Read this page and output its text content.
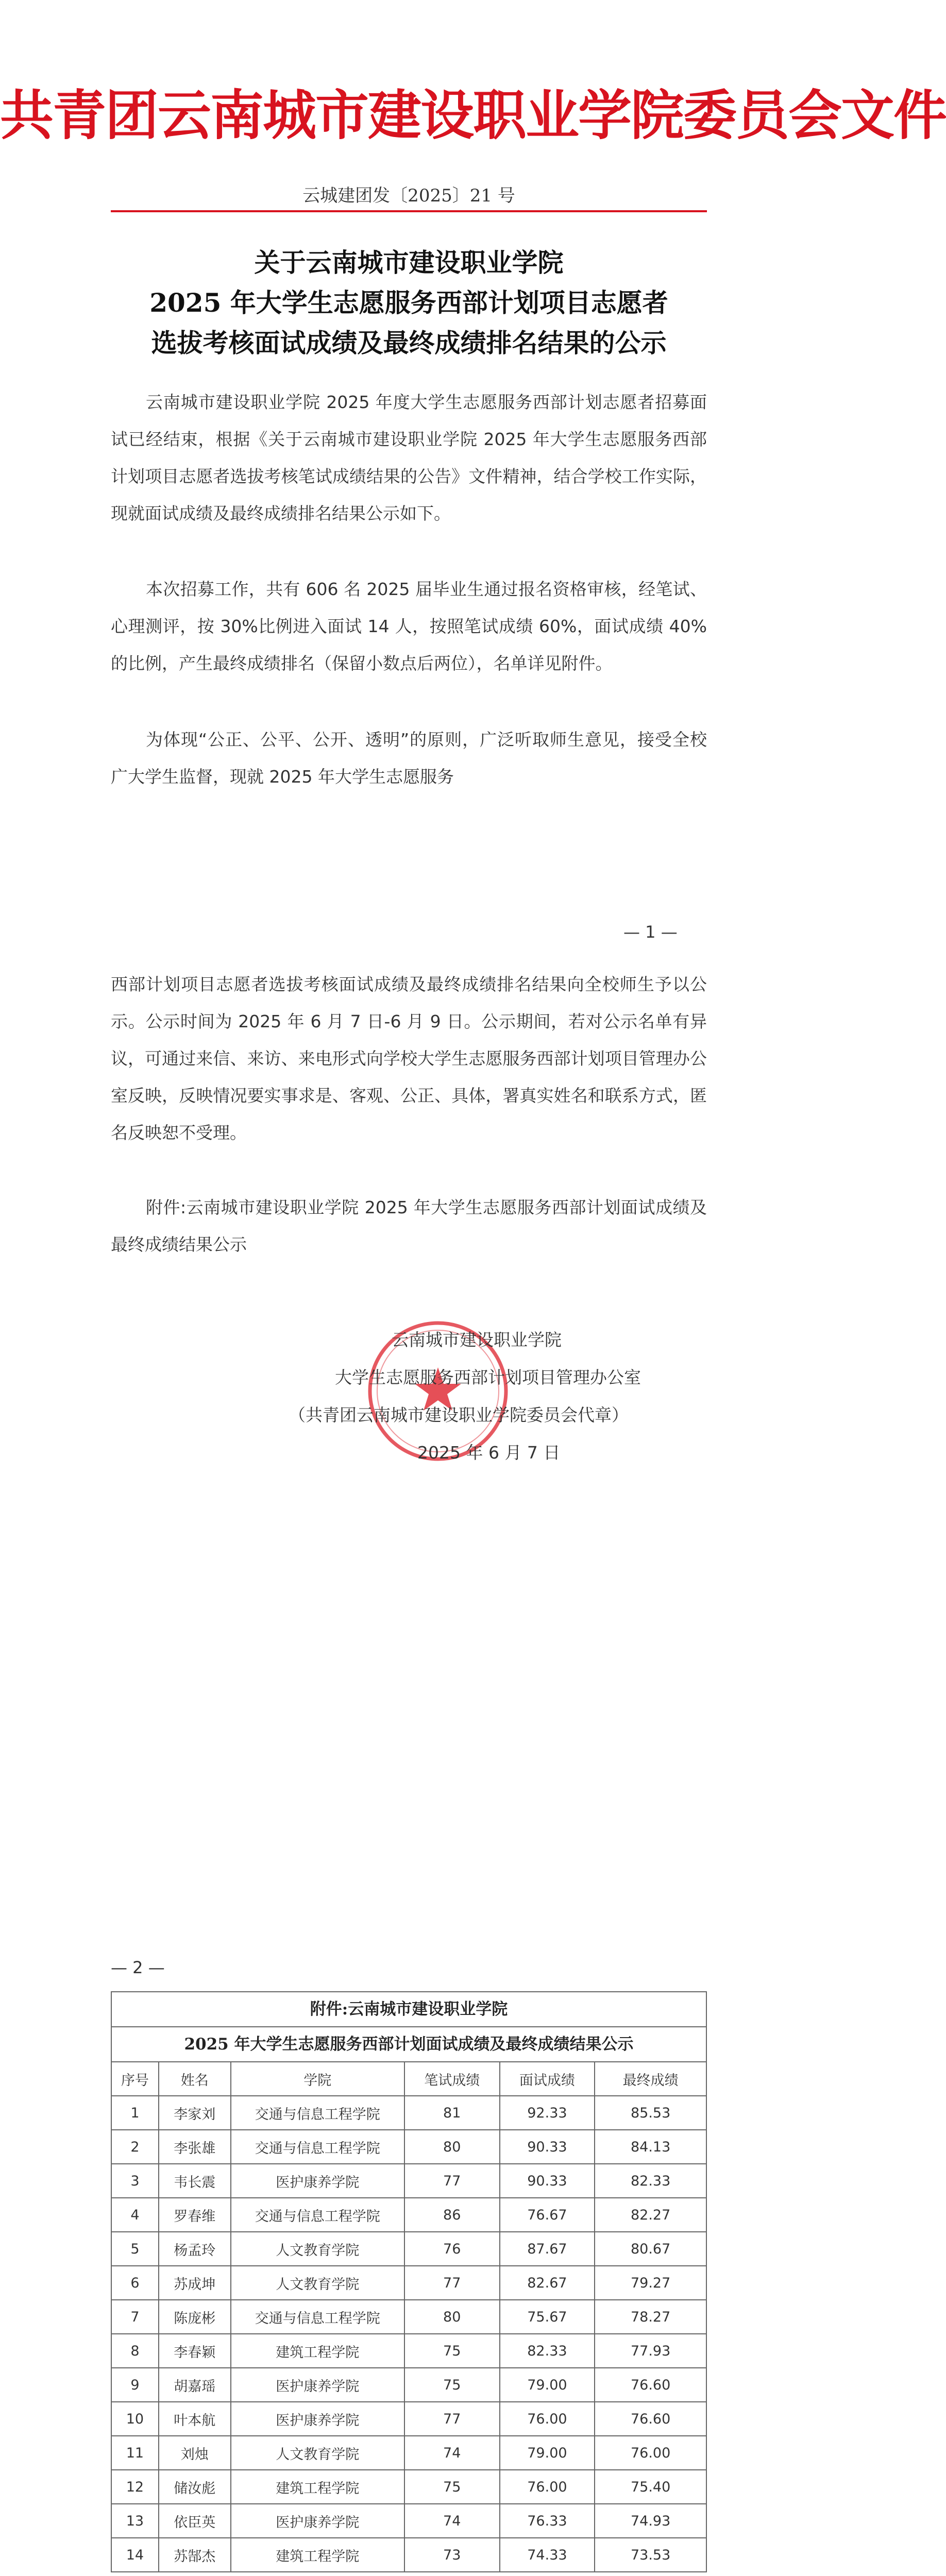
共青团云南城市建设职业学院委员会文件
云城建团发〔2025〕21 号
关于云南城市建设职业学院
2025 年大学生志愿服务西部计划项目志愿者
选拔考核面试成绩及最终成绩排名结果的公示
云南城市建设职业学院 2025 年度大学生志愿服务西部计划志愿者招募面试已经结束，根据《关于云南城市建设职业学院 2025 年大学生志愿服务西部计划项目志愿者选拔考核笔试成绩结果的公告》文件精神，结合学校工作实际，现就面试成绩及最终成绩排名结果公示如下。
本次招募工作，共有 606 名 2025 届毕业生通过报名资格审核，经笔试、心理测评，按 30%比例进入面试 14 人，按照笔试成绩 60%，面试成绩 40%的比例，产生最终成绩排名（保留小数点后两位），名单详见附件。
为体现“公正、公平、公开、透明”的原则，广泛听取师生意见，接受全校广大学生监督，现就 2025 年大学生志愿服务
— 1 —
西部计划项目志愿者选拔考核面试成绩及最终成绩排名结果向全校师生予以公示。公示时间为 2025 年 6 月 7 日-6 月 9 日。公示期间，若对公示名单有异议，可通过来信、来访、来电形式向学校大学生志愿服务西部计划项目管理办公室反映，反映情况要实事求是、客观、公正、具体，署真实姓名和联系方式，匿名反映恕不受理。
附件:云南城市建设职业学院 2025 年大学生志愿服务西部计划面试成绩及最终成绩结果公示
云南城市建设职业学院
大学生志愿服务西部计划项目管理办公室
（共青团云南城市建设职业学院委员会代章）
2025 年 6 月 7 日
— 2 —
附件:云南城市建设职业学院
2025 年大学生志愿服务西部计划面试成绩及最终成绩结果公示
序号	姓名	学院	笔试成绩	面试成绩	最终成绩
1	李家刘	交通与信息工程学院	81	92.33	85.53
2	李张雄	交通与信息工程学院	80	90.33	84.13
3	韦长震	医护康养学院	77	90.33	82.33
4	罗春维	交通与信息工程学院	86	76.67	82.27
5	杨孟玲	人文教育学院	76	87.67	80.67
6	苏成坤	人文教育学院	77	82.67	79.27
7	陈庞彬	交通与信息工程学院	80	75.67	78.27
8	李春颖	建筑工程学院	75	82.33	77.93
9	胡嘉瑶	医护康养学院	75	79.00	76.60
10	叶本航	医护康养学院	77	76.00	76.60
11	刘烛	人文教育学院	74	79.00	76.00
12	储汝彪	建筑工程学院	75	76.00	75.40
13	依臣英	医护康养学院	74	76.33	74.93
14	苏郜杰	建筑工程学院	73	74.33	73.53
